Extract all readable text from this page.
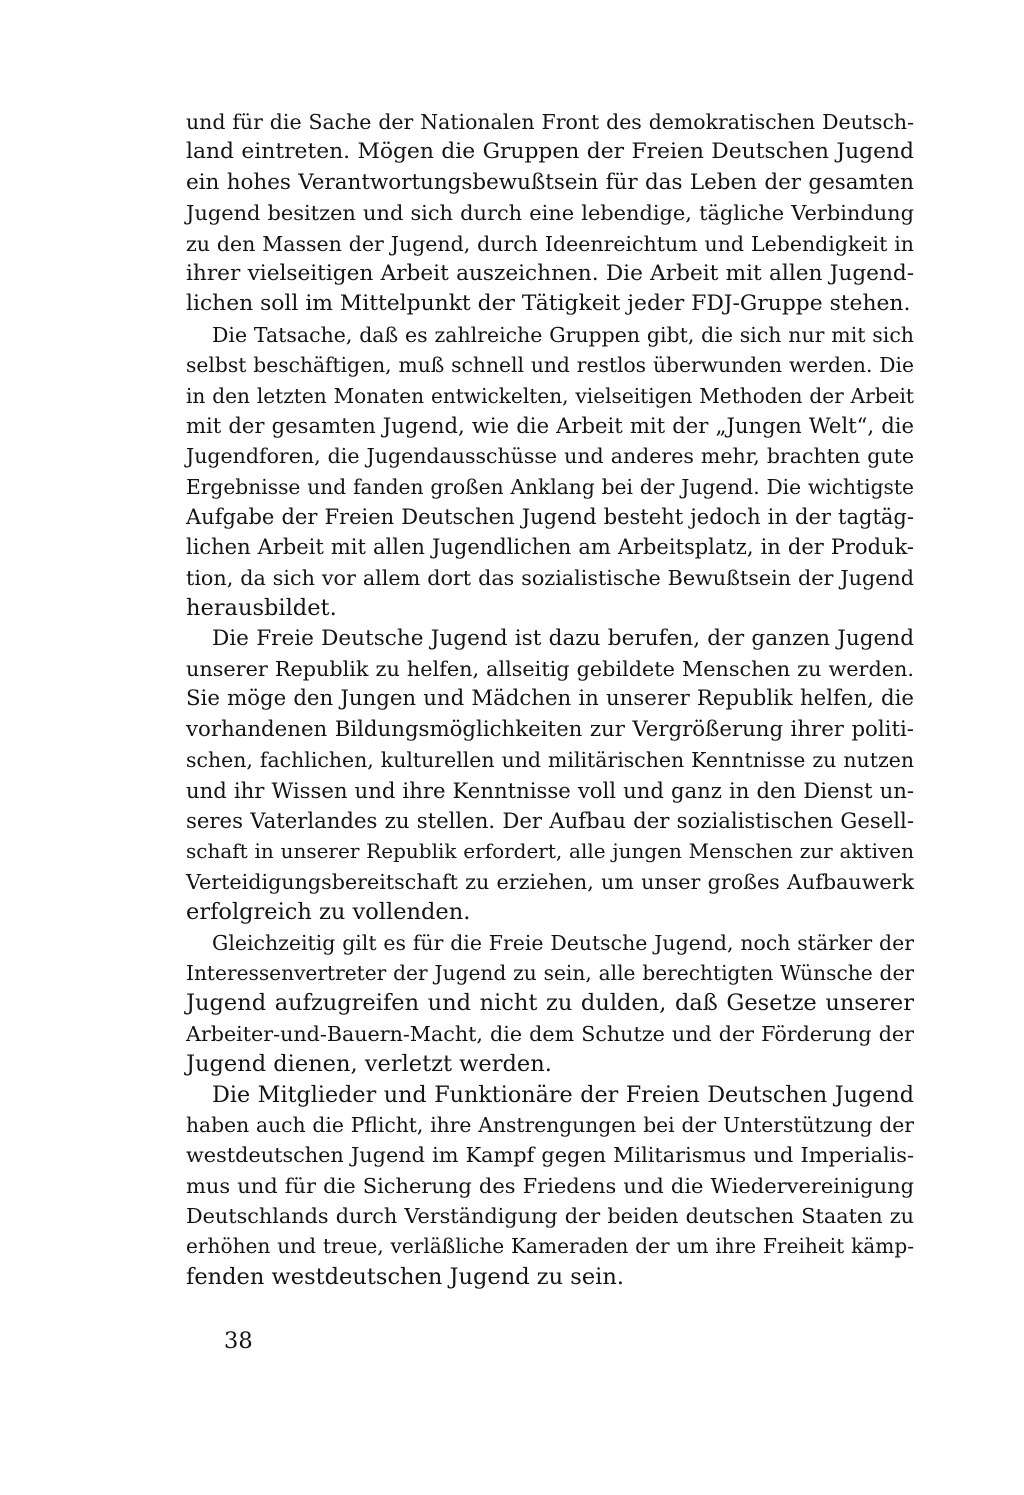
und für die Sache der Nationalen Front des demokratischen Deutsch-
land eintreten. Mögen die Gruppen der Freien Deutschen Jugend
ein hohes Verantwortungsbewußtsein für das Leben der gesamten
Jugend besitzen und sich durch eine lebendige, tägliche Verbindung
zu den Massen der Jugend, durch Ideenreichtum und Lebendigkeit in
ihrer vielseitigen Arbeit auszeichnen. Die Arbeit mit allen Jugend-
lichen soll im Mittelpunkt der Tätigkeit jeder FDJ-Gruppe stehen.
Die Tatsache, daß es zahlreiche Gruppen gibt, die sich nur mit sich
selbst beschäftigen, muß schnell und restlos überwunden werden. Die
in den letzten Monaten entwickelten, vielseitigen Methoden der Arbeit
mit der gesamten Jugend, wie die Arbeit mit der „Jungen Welt“, die
Jugendforen, die Jugendausschüsse und anderes mehr, brachten gute
Ergebnisse und fanden großen Anklang bei der Jugend. Die wichtigste
Aufgabe der Freien Deutschen Jugend besteht jedoch in der tagtäg-
lichen Arbeit mit allen Jugendlichen am Arbeitsplatz, in der Produk-
tion, da sich vor allem dort das sozialistische Bewußtsein der Jugend
herausbildet.
Die Freie Deutsche Jugend ist dazu berufen, der ganzen Jugend
unserer Republik zu helfen, allseitig gebildete Menschen zu werden.
Sie möge den Jungen und Mädchen in unserer Republik helfen, die
vorhandenen Bildungsmöglichkeiten zur Vergrößerung ihrer politi-
schen, fachlichen, kulturellen und militärischen Kenntnisse zu nutzen
und ihr Wissen und ihre Kenntnisse voll und ganz in den Dienst un-
seres Vaterlandes zu stellen. Der Aufbau der sozialistischen Gesell-
schaft in unserer Republik erfordert, alle jungen Menschen zur aktiven
Verteidigungsbereitschaft zu erziehen, um unser großes Aufbauwerk
erfolgreich zu vollenden.
Gleichzeitig gilt es für die Freie Deutsche Jugend, noch stärker der
Interessenvertreter der Jugend zu sein, alle berechtigten Wünsche der
Jugend aufzugreifen und nicht zu dulden, daß Gesetze unserer
Arbeiter-und-Bauern-Macht, die dem Schutze und der Förderung der
Jugend dienen, verletzt werden.
Die Mitglieder und Funktionäre der Freien Deutschen Jugend
haben auch die Pflicht, ihre Anstrengungen bei der Unterstützung der
westdeutschen Jugend im Kampf gegen Militarismus und Imperialis-
mus und für die Sicherung des Friedens und die Wiedervereinigung
Deutschlands durch Verständigung der beiden deutschen Staaten zu
erhöhen und treue, verläßliche Kameraden der um ihre Freiheit kämp-
fenden westdeutschen Jugend zu sein.
38
